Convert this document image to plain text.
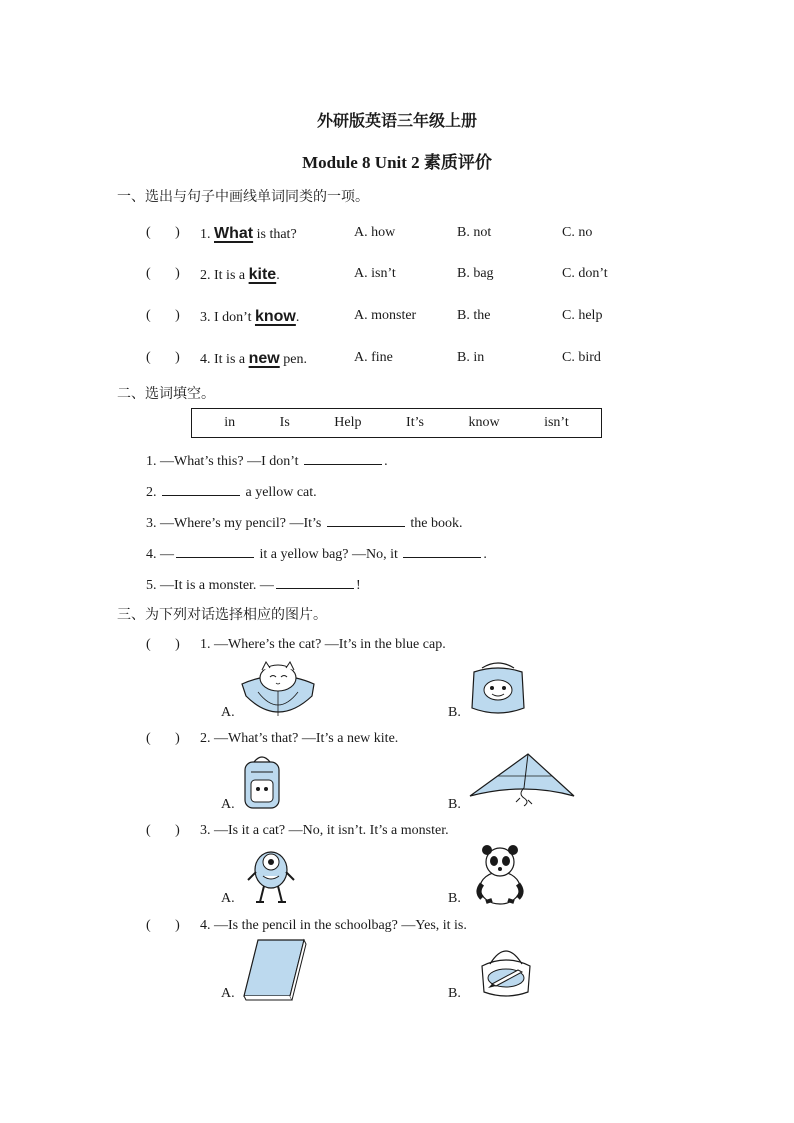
外研版英语三年级上册
Module 8 Unit 2 素质评价
一、选出与句子中画线单词同类的一项。
(       ) 1. What is that?	A. how	B. not	C. no
(       ) 2. It is a kite.	A. isn’t	B. bag	C. don’t
(       ) 3. I don’t know.	A. monster	B. the	C. help
(       ) 4. It is a new pen.	A. fine	B. in	C. bird
二、选词填空。
in	Is	Help	It’s	know	isn’t
1. —What’s this? —I don’t	.
2.	a yellow cat.
3. —Where’s my pencil? —It’s	the book.
4. —	it a yellow bag? —No, it	.
5. —It is a monster. —	!
三、为下列对话选择相应的图片。
(       ) 1. —Where’s the cat? —It’s in the blue cap.
A.	B.
(       ) 2. —What’s that? —It’s a new kite.
A.	B.
(       ) 3. —Is it a cat? —No, it isn’t. It’s a monster.
A.	B.
(       ) 4. —Is the pencil in the schoolbag? —Yes, it is.
A.	B.
